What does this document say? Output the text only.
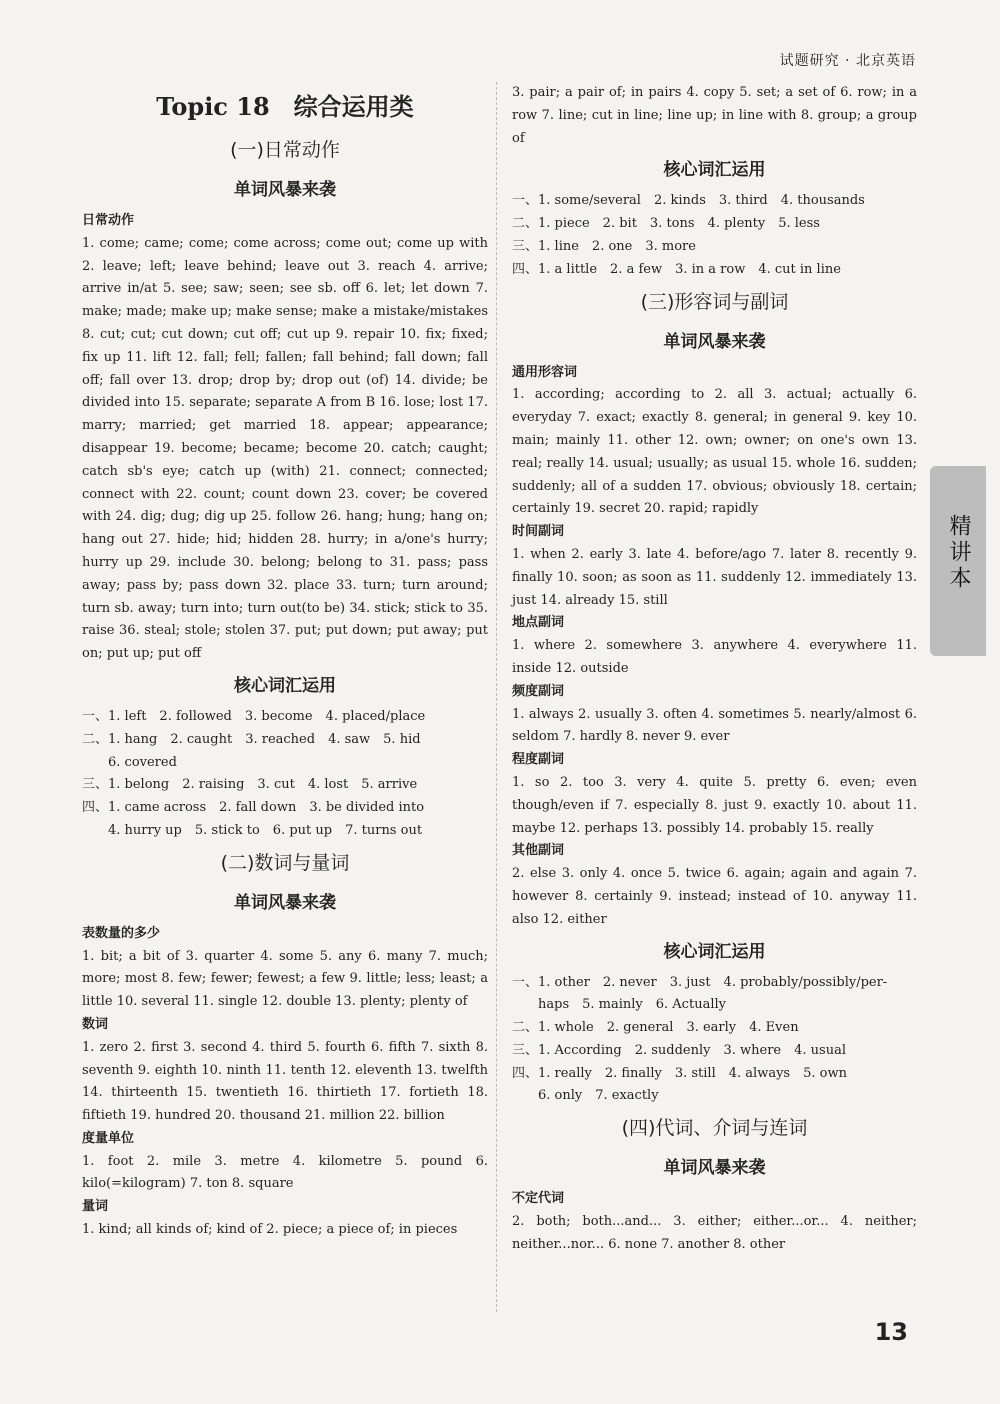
试题研究 · 北京英语
Topic 18　综合运用类
(一)日常动作
单词风暴来袭
日常动作

1. come; came; come; come across; come out; come up with 2. leave; left; leave behind; leave out 3. reach 4. arrive; arrive in/at 5. see; saw; seen; see sb. off 6. let; let down 7. make; made; make up; make sense; make a mistake/mistakes 8. cut; cut; cut down; cut off; cut up 9. repair 10. fix; fixed; fix up 11. lift 12. fall; fell; fallen; fall behind; fall down; fall off; fall over 13. drop; drop by; drop out (of) 14. divide; be divided into 15. separate; separate A from B 16. lose; lost 17. marry; married; get married 18. appear; appearance; disappear 19. become; became; become 20. catch; caught; catch sb's eye; catch up (with) 21. connect; connected; connect with 22. count; count down 23. cover; be covered with 24. dig; dug; dig up 25. follow 26. hang; hung; hang on; hang out 27. hide; hid; hidden 28. hurry; in a/one's hurry; hurry up 29. include 30. belong; belong to 31. pass; pass away; pass by; pass down 32. place 33. turn; turn around; turn sb. away; turn into; turn out(to be) 34. stick; stick to 35. raise 36. steal; stole; stolen 37. put; put down; put away; put on; put up; put off

核心词汇运用
一、1. left　2. followed　3. become　4. placed/place
二、1. hang　2. caught　3. reached　4. saw　5. hid
　　6. covered
三、1. belong　2. raising　3. cut　4. lost　5. arrive
四、1. came across　2. fall down　3. be divided into
　　4. hurry up　5. stick to　6. put up　7. turns out
(二)数词与量词
单词风暴来袭
表数量的多少

1. bit; a bit of 3. quarter 4. some 5. any 6. many 7. much; more; most 8. few; fewer; fewest; a few 9. little; less; least; a little 10. several 11. single 12. double 13. plenty; plenty of

数词

1. zero 2. first 3. second 4. third 5. fourth 6. fifth 7. sixth 8. seventh 9. eighth 10. ninth 11. tenth 12. eleventh 13. twelfth 14. thirteenth 15. twentieth 16. thirtieth 17. fortieth 18. fiftieth 19. hundred 20. thousand 21. million 22. billion

度量单位

1. foot 2. mile 3. metre 4. kilometre 5. pound 6. kilo(=kilogram) 7. ton 8. square

量词

1. kind; all kinds of; kind of 2. piece; a piece of; in pieces

3. pair; a pair of; in pairs 4. copy 5. set; a set of 6. row; in a row 7. line; cut in line; line up; in line with 8. group; a group of

核心词汇运用
一、1. some/several　2. kinds　3. third　4. thousands
二、1. piece　2. bit　3. tons　4. plenty　5. less
三、1. line　2. one　3. more
四、1. a little　2. a few　3. in a row　4. cut in line
(三)形容词与副词
单词风暴来袭
通用形容词

1. according; according to 2. all 3. actual; actually 6. everyday 7. exact; exactly 8. general; in general 9. key 10. main; mainly 11. other 12. own; owner; on one's own 13. real; really 14. usual; usually; as usual 15. whole 16. sudden; suddenly; all of a sudden 17. obvious; obviously 18. certain; certainly 19. secret 20. rapid; rapidly

时间副词

1. when 2. early 3. late 4. before/ago 7. later 8. recently 9. finally 10. soon; as soon as 11. suddenly 12. immediately 13. just 14. already 15. still

地点副词

1. where 2. somewhere 3. anywhere 4. everywhere 11. inside 12. outside

频度副词

1. always 2. usually 3. often 4. sometimes 5. nearly/almost 6. seldom 7. hardly 8. never 9. ever

程度副词

1. so 2. too 3. very 4. quite 5. pretty 6. even; even though/even if 7. especially 8. just 9. exactly 10. about 11. maybe 12. perhaps 13. possibly 14. probably 15. really

其他副词

2. else 3. only 4. once 5. twice 6. again; again and again 7. however 8. certainly 9. instead; instead of 10. anyway 11. also 12. either

核心词汇运用
一、1. other　2. never　3. just　4. probably/possibly/per-
　　haps　5. mainly　6. Actually
二、1. whole　2. general　3. early　4. Even
三、1. According　2. suddenly　3. where　4. usual
四、1. really　2. finally　3. still　4. always　5. own
　　6. only　7. exactly
(四)代词、介词与连词
单词风暴来袭
不定代词

2. both; both...and... 3. either; either...or... 4. neither; neither...nor... 6. none 7. another 8. other

精讲本
13
